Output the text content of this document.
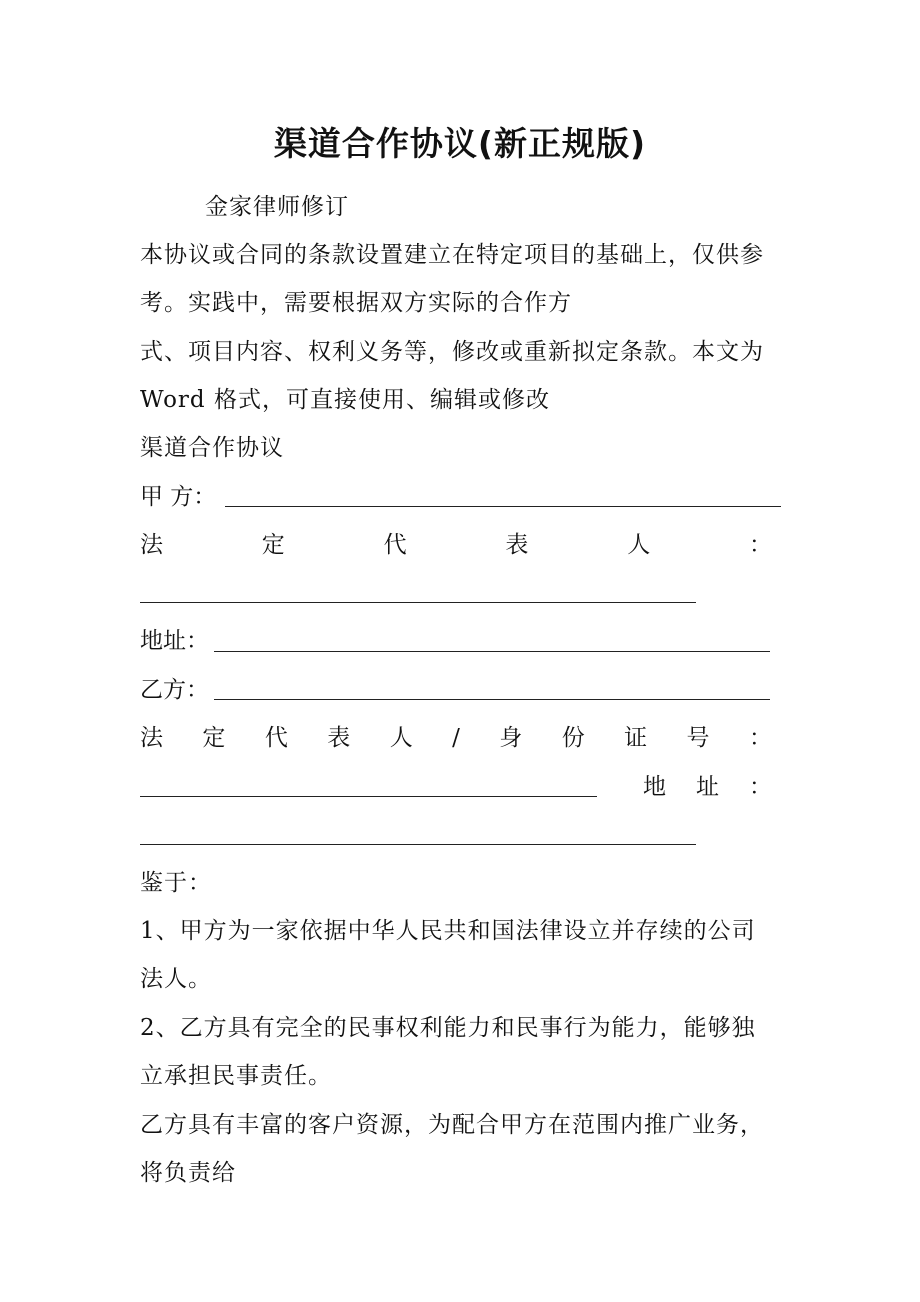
渠道合作协议(新正规版)
金家律师修订
本协议或合同的条款设置建立在特定项目的基础上，仅供参
考。实践中，需要根据双方实际的合作方
式、项目内容、权利义务等，修改或重新拟定条款。本文为
Word 格式，可直接使用、编辑或修改
渠道合作协议
甲 方：
法	定	代	表	人	：
地址：
乙方：
法 定 代 表 人 / 身 份 证 号 ：
地 址 ：
鉴于：
1、甲方为一家依据中华人民共和国法律设立并存续的公司
法人。
2、乙方具有完全的民事权利能力和民事行为能力，能够独
立承担民事责任。
乙方具有丰富的客户资源，为配合甲方在范围内推广业务，
将负责给
